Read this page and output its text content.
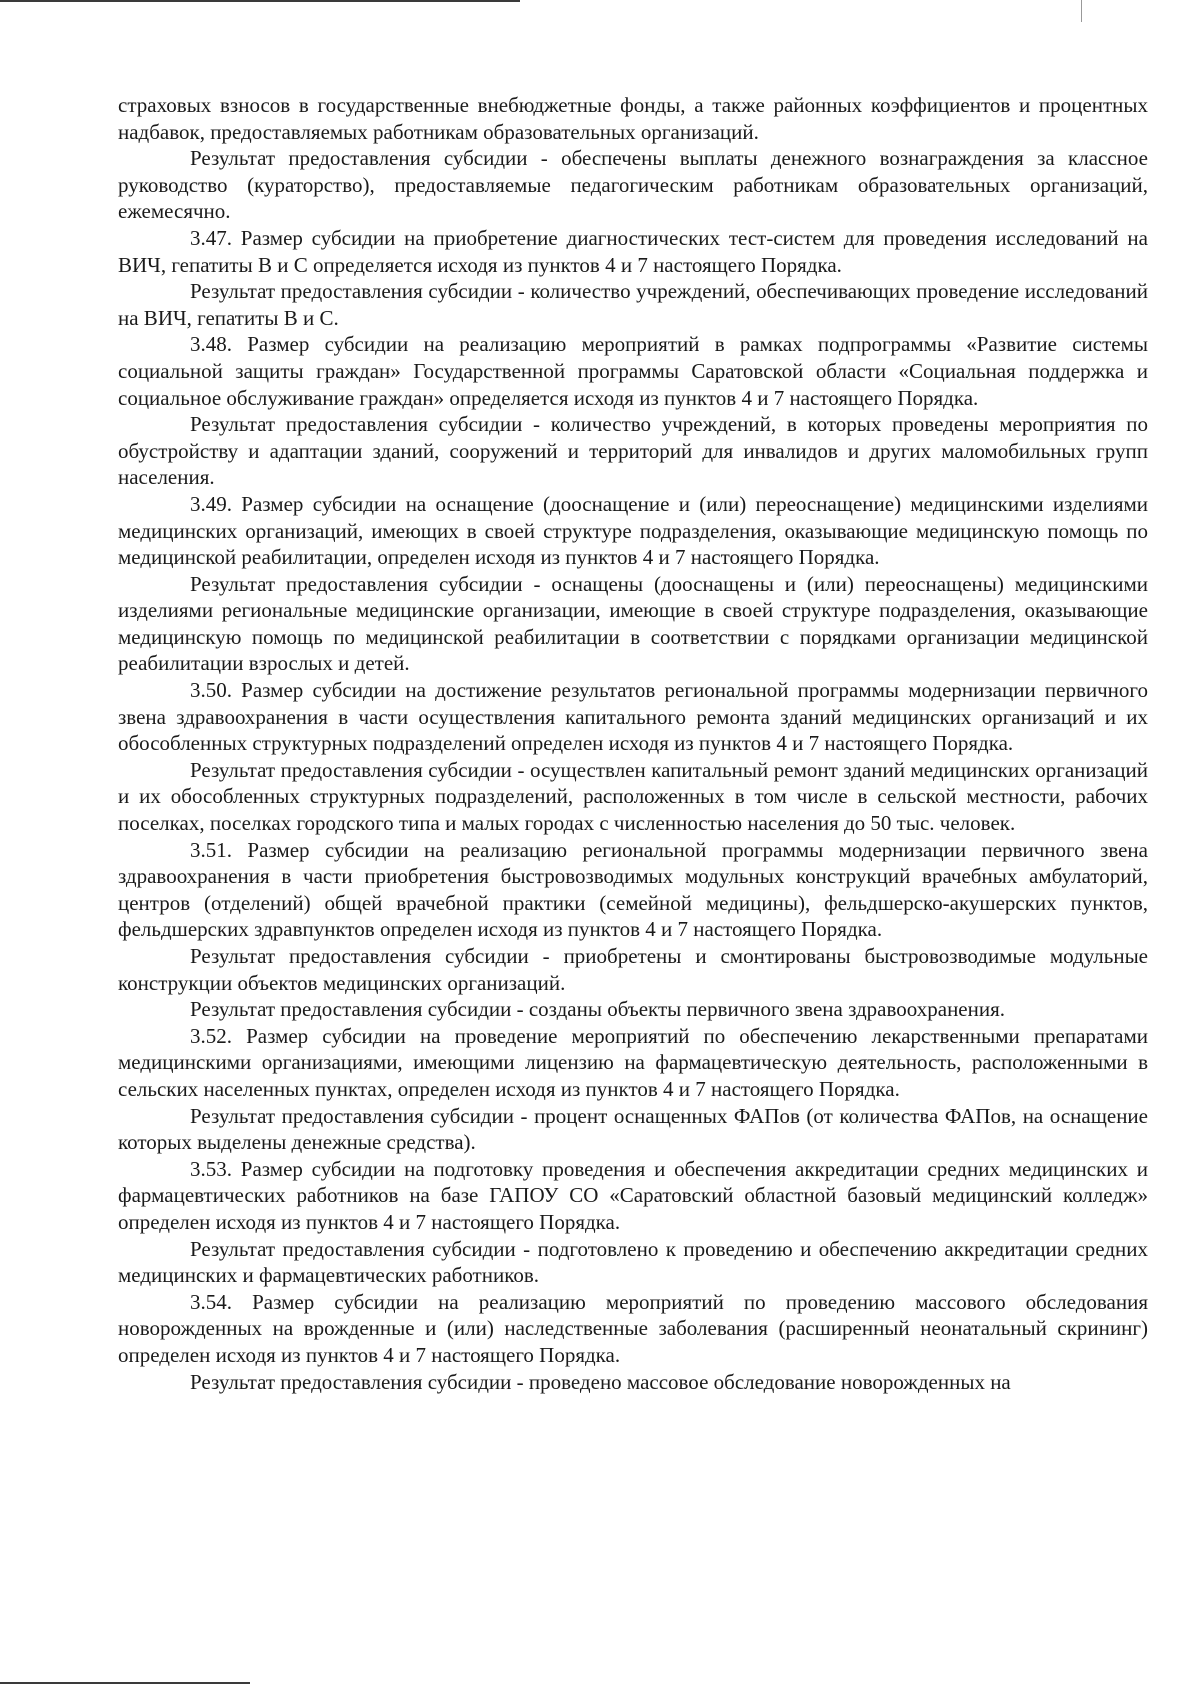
страховых взносов в государственные внебюджетные фонды, а также районных коэффициентов и процентных надбавок, предоставляемых работникам образовательных организаций.

Результат предоставления субсидии - обеспечены выплаты денежного вознаграждения за классное руководство (кураторство), предоставляемые педагогическим работникам образовательных организаций, ежемесячно.

3.47. Размер субсидии на приобретение диагностических тест-систем для проведения исследований на ВИЧ, гепатиты В и С определяется исходя из пунктов 4 и 7 настоящего Порядка.

Результат предоставления субсидии - количество учреждений, обеспечивающих проведение исследований на ВИЧ, гепатиты В и С.

3.48. Размер субсидии на реализацию мероприятий в рамках подпрограммы «Развитие системы социальной защиты граждан» Государственной программы Саратовской области «Социальная поддержка и социальное обслуживание граждан» определяется исходя из пунктов 4 и 7 настоящего Порядка.

Результат предоставления субсидии - количество учреждений, в которых проведены мероприятия по обустройству и адаптации зданий, сооружений и территорий для инвалидов и других маломобильных групп населения.

3.49. Размер субсидии на оснащение (дооснащение и (или) переоснащение) медицинскими изделиями медицинских организаций, имеющих в своей структуре подразделения, оказывающие медицинскую помощь по медицинской реабилитации, определен исходя из пунктов 4 и 7 настоящего Порядка.

Результат предоставления субсидии - оснащены (дооснащены и (или) переоснащены) медицинскими изделиями региональные медицинские организации, имеющие в своей структуре подразделения, оказывающие медицинскую помощь по медицинской реабилитации в соответствии с порядками организации медицинской реабилитации взрослых и детей.

3.50. Размер субсидии на достижение результатов региональной программы модернизации первичного звена здравоохранения в части осуществления капитального ремонта зданий медицинских организаций и их обособленных структурных подразделений определен исходя из пунктов 4 и 7 настоящего Порядка.

Результат предоставления субсидии - осуществлен капитальный ремонт зданий медицинских организаций и их обособленных структурных подразделений, расположенных в том числе в сельской местности, рабочих поселках, поселках городского типа и малых городах с численностью населения до 50 тыс. человек.

3.51. Размер субсидии на реализацию региональной программы модернизации первичного звена здравоохранения в части приобретения быстровозводимых модульных конструкций врачебных амбулаторий, центров (отделений) общей врачебной практики (семейной медицины), фельдшерско-акушерских пунктов, фельдшерских здравпунктов определен исходя из пунктов 4 и 7 настоящего Порядка.

Результат предоставления субсидии - приобретены и смонтированы быстровозводимые модульные конструкции объектов медицинских организаций.

Результат предоставления субсидии - созданы объекты первичного звена здравоохранения.

3.52. Размер субсидии на проведение мероприятий по обеспечению лекарственными препаратами медицинскими организациями, имеющими лицензию на фармацевтическую деятельность, расположенными в сельских населенных пунктах, определен исходя из пунктов 4 и 7 настоящего Порядка.

Результат предоставления субсидии - процент оснащенных ФАПов (от количества ФАПов, на оснащение которых выделены денежные средства).

3.53. Размер субсидии на подготовку проведения и обеспечения аккредитации средних медицинских и фармацевтических работников на базе ГАПОУ СО «Саратовский областной базовый медицинский колледж» определен исходя из пунктов 4 и 7 настоящего Порядка.

Результат предоставления субсидии - подготовлено к проведению и обеспечению аккредитации средних медицинских и фармацевтических работников.

3.54. Размер субсидии на реализацию мероприятий по проведению массового обследования новорожденных на врожденные и (или) наследственные заболевания (расширенный неонатальный скрининг) определен исходя из пунктов 4 и 7 настоящего Порядка.

Результат предоставления субсидии - проведено массовое обследование новорожденных на
